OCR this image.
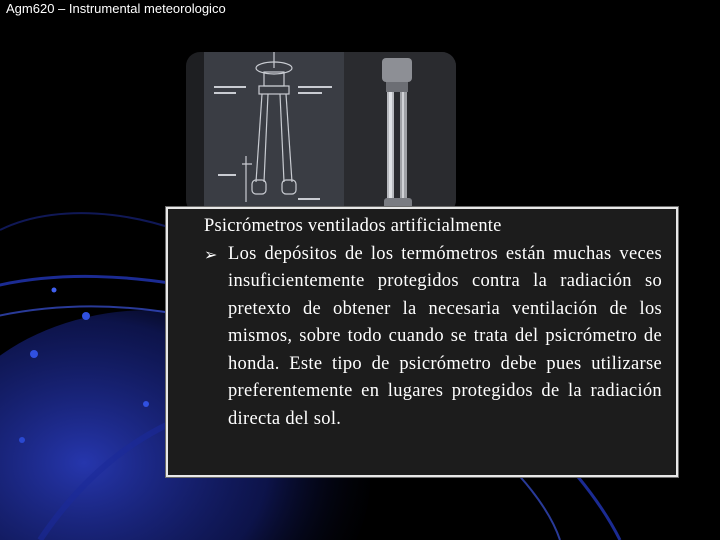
Agm620 – Instrumental meteorologico
Psicrómetros ventilados artificialmente
➢ Los depósitos de los termómetros están muchas veces insuficientemente protegidos contra la radiación so pretexto de obtener la necesaria ventilación de los mismos, sobre todo cuando se trata del psicrómetro de honda. Este tipo de psicrómetro debe pues utilizarse preferentemente en lugares protegidos de la radiación directa del sol.
